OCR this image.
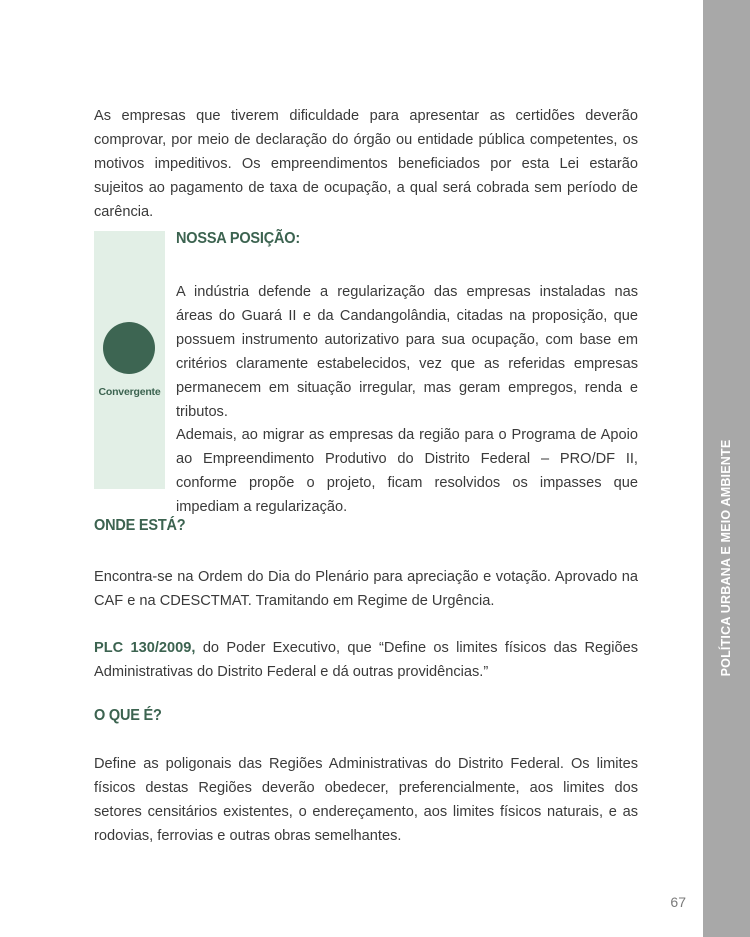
POLÍTICA URBANA E MEIO AMBIENTE

As empresas que tiverem dificuldade para apresentar as certidões deverão comprovar, por meio de declaração do órgão ou entidade pública competentes, os motivos impeditivos. Os empreendimentos beneficiados por esta Lei estarão sujeitos ao pagamento de taxa de ocupação, a qual será cobrada sem período de carência.

Convergente
NOSSA POSIÇÃO:

A indústria defende a regularização das empresas instaladas nas áreas do Guará II e da Candangolândia, citadas na proposição, que possuem instrumento autorizativo para sua ocupação, com base em critérios claramente estabelecidos, vez que as referidas empresas permanecem em situação irregular, mas geram empregos, renda e tributos.

Ademais, ao migrar as empresas da região para o Programa de Apoio ao Empreendimento Produtivo do Distrito Federal – PRO/DF II, conforme propõe o projeto, ficam resolvidos os impasses que impediam a regularização.

ONDE ESTÁ?

Encontra-se na Ordem do Dia do Plenário para apreciação e votação. Aprovado na CAF e na CDESCTMAT. Tramitando em Regime de Urgência.

PLC 130/2009, do Poder Executivo, que “Define os limites físicos das Regiões Administrativas do Distrito Federal e dá outras providências.”

O QUE É?

Define as poligonais das Regiões Administrativas do Distrito Federal. Os limites físicos destas Regiões deverão obedecer, preferencialmente, aos limites dos setores censitários existentes, o endereçamento, aos limites físicos naturais, e as rodovias, ferrovias e outras obras semelhantes.

67
